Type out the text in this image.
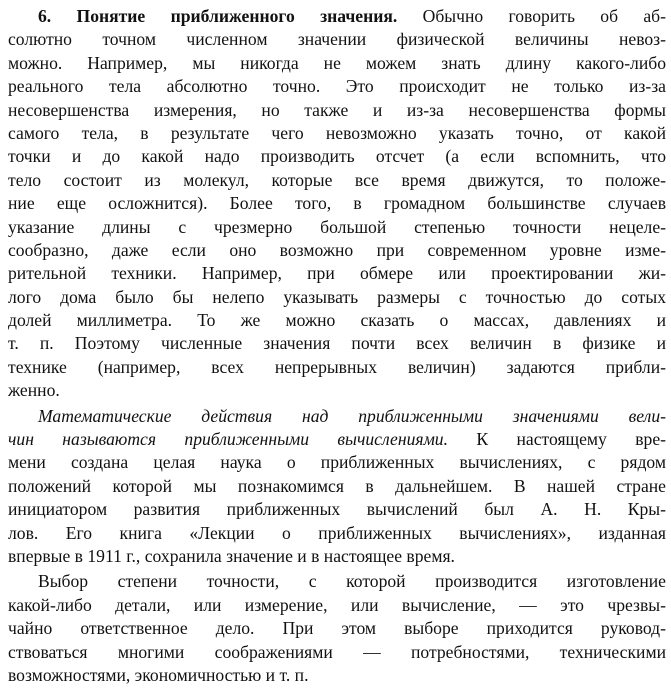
6. Понятие приближенного значения. Обычно говорить об аб-
солютно точном численном значении физической величины невоз-
можно. Например, мы никогда не можем знать длину какого-либо
реального тела абсолютно точно. Это происходит не только из-за
несовершенства измерения, но также и из-за несовершенства формы
самого тела, в результате чего невозможно указать точно, от какой
точки и до какой надо производить отсчет (а если вспомнить, что
тело состоит из молекул, которые все время движутся, то положе-
ние еще осложнится). Более того, в громадном большинстве случаев
указание длины с чрезмерно большой степенью точности нецеле-
сообразно, даже если оно возможно при современном уровне изме-
рительной техники. Например, при обмере или проектировании жи-
лого дома было бы нелепо указывать размеры с точностью до сотых
долей миллиметра. То же можно сказать о массах, давлениях и
т. п. Поэтому численные значения почти всех величин в физике и
технике (например, всех непрерывных величин) задаются прибли-
женно.
Математические действия над приближенными значениями вели-
чин называются приближенными вычислениями. К настоящему вре-
мени создана целая наука о приближенных вычислениях, с рядом
положений которой мы познакомимся в дальнейшем. В нашей стране
инициатором развития приближенных вычислений был А. Н. Кры-
лов. Его книга «Лекции о приближенных вычислениях», изданная
впервые в 1911 г., сохранила значение и в настоящее время.
Выбор степени точности, с которой производится изготовление
какой-либо детали, или измерение, или вычисление, — это чрезвы-
чайно ответственное дело. При этом выборе приходится руковод-
ствоваться многими соображениями — потребностями, техническими
возможностями, экономичностью и т. п.
